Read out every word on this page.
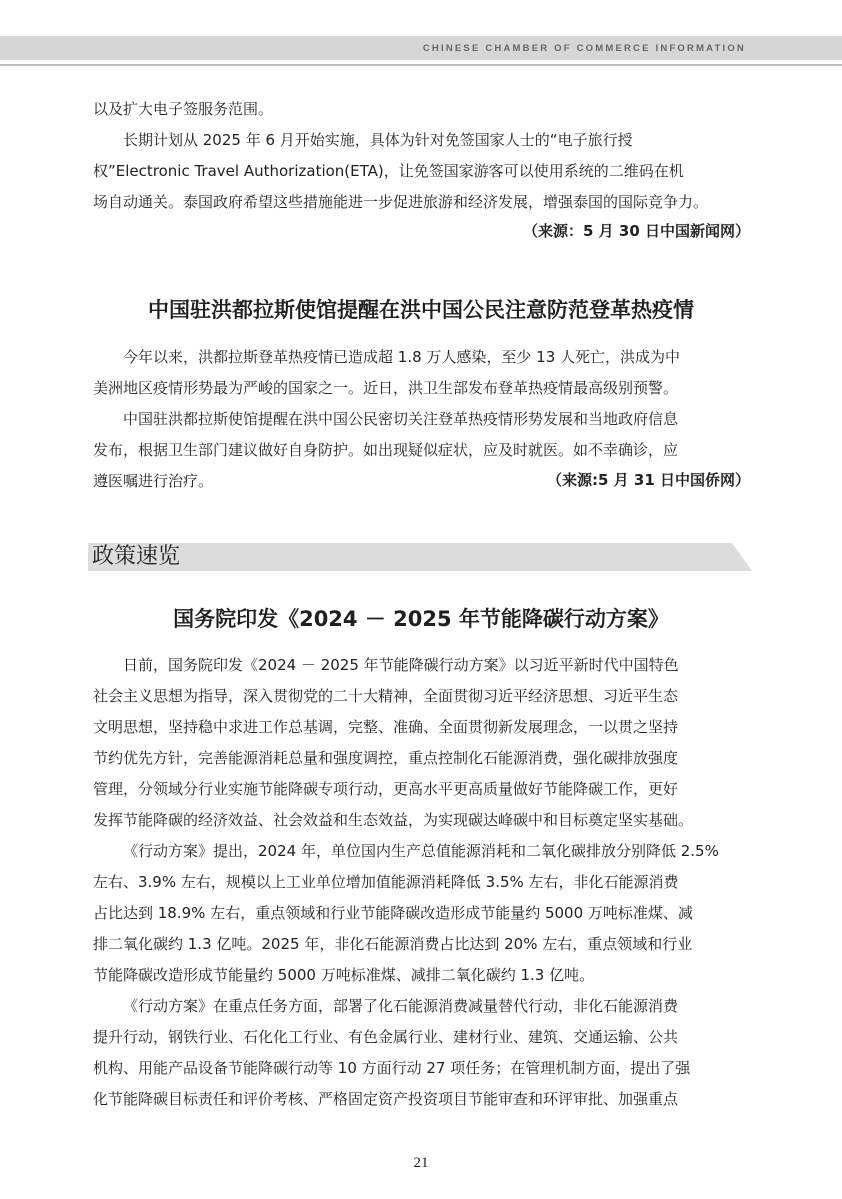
CHINESE CHAMBER OF COMMERCE INFORMATION
以及扩大电子签服务范围。
长期计划从 2025 年 6 月开始实施，具体为针对免签国家人士的“电子旅行授
权”Electronic Travel Authorization(ETA)，让免签国家游客可以使用系统的二维码在机
场自动通关。泰国政府希望这些措施能进一步促进旅游和经济发展，增强泰国的国际竞争力。
（来源：5 月 30 日中国新闻网）
中国驻洪都拉斯使馆提醒在洪中国公民注意防范登革热疫情
今年以来，洪都拉斯登革热疫情已造成超 1.8 万人感染，至少 13 人死亡，洪成为中
美洲地区疫情形势最为严峻的国家之一。近日，洪卫生部发布登革热疫情最高级别预警。
中国驻洪都拉斯使馆提醒在洪中国公民密切关注登革热疫情形势发展和当地政府信息
发布，根据卫生部门建议做好自身防护。如出现疑似症状，应及时就医。如不幸确诊，应
遵医嘱进行治疗。	（来源:5 月 31 日中国侨网）
政策速览
国务院印发《2024 － 2025 年节能降碳行动方案》
日前，国务院印发《2024 － 2025 年节能降碳行动方案》以习近平新时代中国特色
社会主义思想为指导，深入贯彻党的二十大精神，全面贯彻习近平经济思想、习近平生态
文明思想，坚持稳中求进工作总基调，完整、准确、全面贯彻新发展理念，一以贯之坚持
节约优先方针，完善能源消耗总量和强度调控，重点控制化石能源消费，强化碳排放强度
管理，分领域分行业实施节能降碳专项行动，更高水平更高质量做好节能降碳工作，更好
发挥节能降碳的经济效益、社会效益和生态效益，为实现碳达峰碳中和目标奠定坚实基础。
《行动方案》提出，2024 年，单位国内生产总值能源消耗和二氧化碳排放分别降低 2.5%
左右、3.9% 左右，规模以上工业单位增加值能源消耗降低 3.5% 左右，非化石能源消费
占比达到 18.9% 左右，重点领域和行业节能降碳改造形成节能量约 5000 万吨标准煤、减
排二氧化碳约 1.3 亿吨。2025 年，非化石能源消费占比达到 20% 左右，重点领域和行业
节能降碳改造形成节能量约 5000 万吨标准煤、减排二氧化碳约 1.3 亿吨。
《行动方案》在重点任务方面，部署了化石能源消费减量替代行动，非化石能源消费
提升行动，钢铁行业、石化化工行业、有色金属行业、建材行业、建筑、交通运输、公共
机构、用能产品设备节能降碳行动等 10 方面行动 27 项任务；在管理机制方面，提出了强
化节能降碳目标责任和评价考核、严格固定资产投资项目节能审查和环评审批、加强重点
21
